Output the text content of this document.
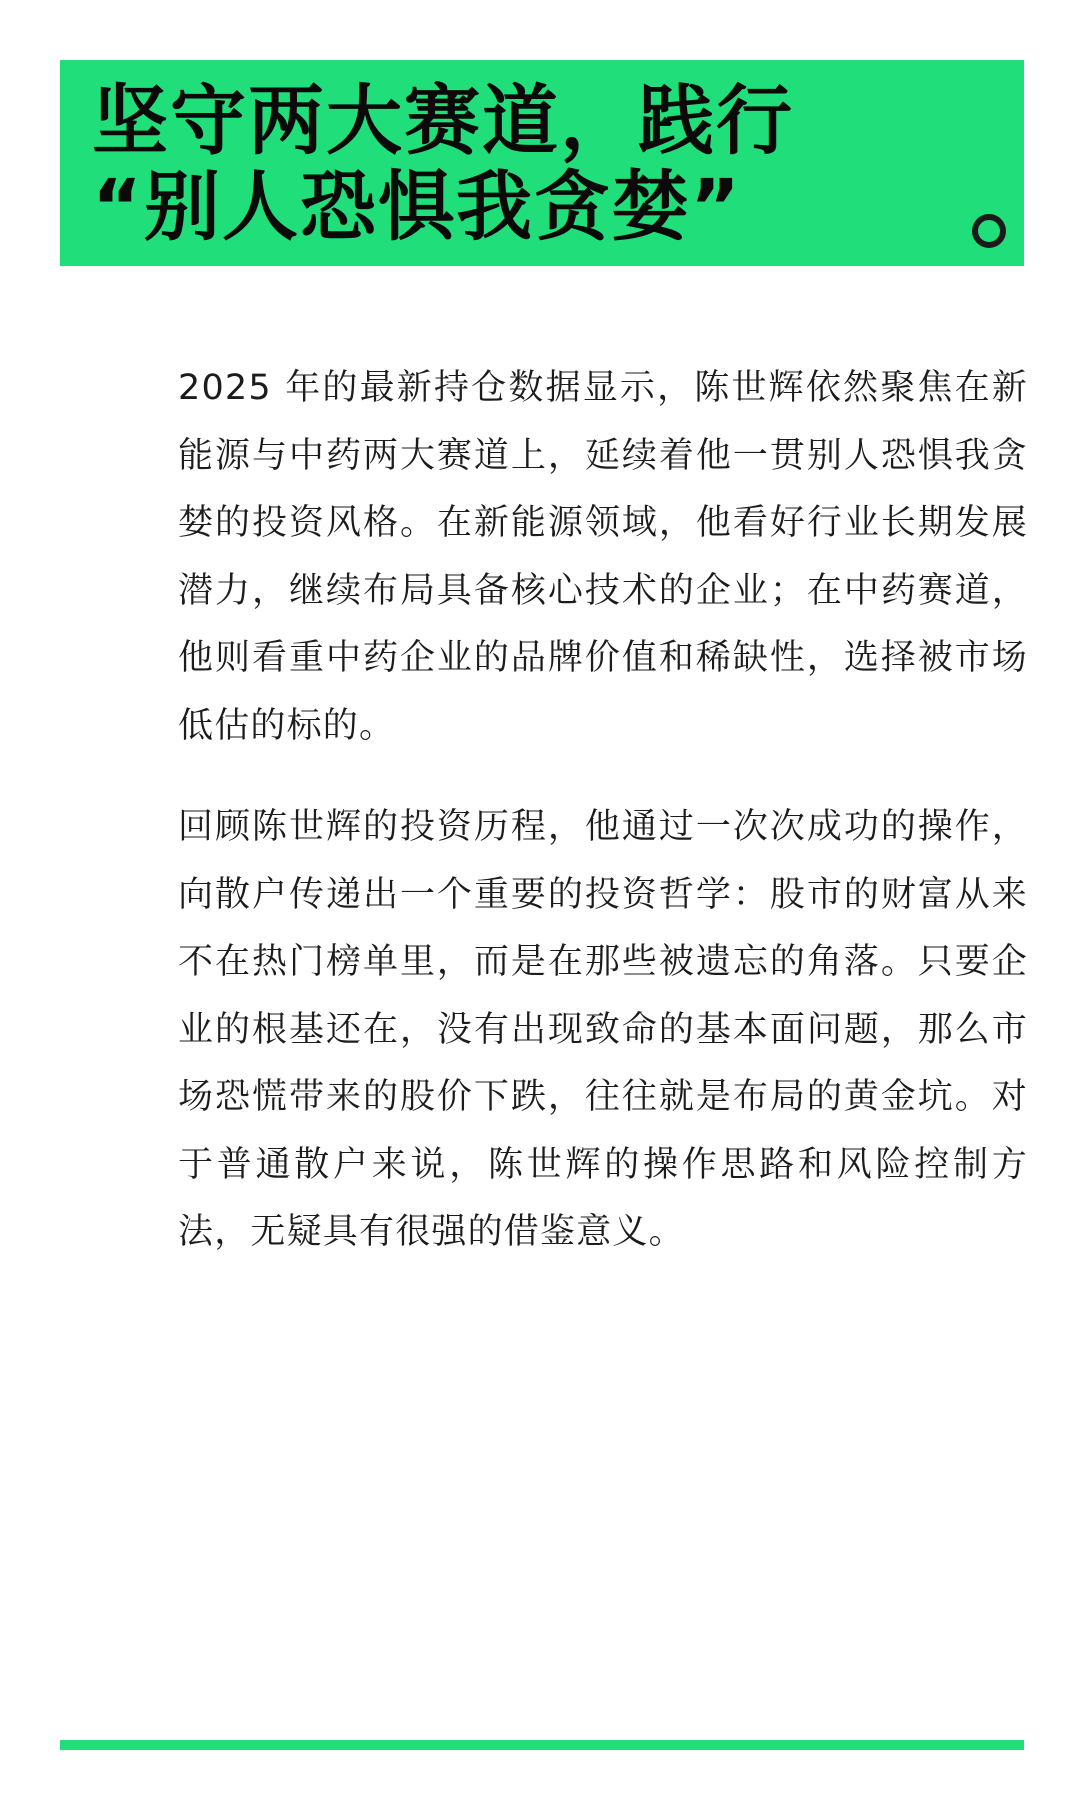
坚守两大赛道，践行 “别人恐惧我贪婪”

2025 年的最新持仓数据显示，陈世辉依然聚焦在新能源与中药两大赛道上，延续着他一贯别人恐惧我贪婪的投资风格。在新能源领域，他看好行业长期发展潜力，继续布局具备核心技术的企业；在中药赛道，他则看重中药企业的品牌价值和稀缺性，选择被市场低估的标的。

回顾陈世辉的投资历程，他通过一次次成功的操作，向散户传递出一个重要的投资哲学：股市的财富从来不在热门榜单里，而是在那些被遗忘的角落。只要企业的根基还在，没有出现致命的基本面问题，那么市场恐慌带来的股价下跌，往往就是布局的黄金坑。对于普通散户来说，陈世辉的操作思路和风险控制方法，无疑具有很强的借鉴意义。
